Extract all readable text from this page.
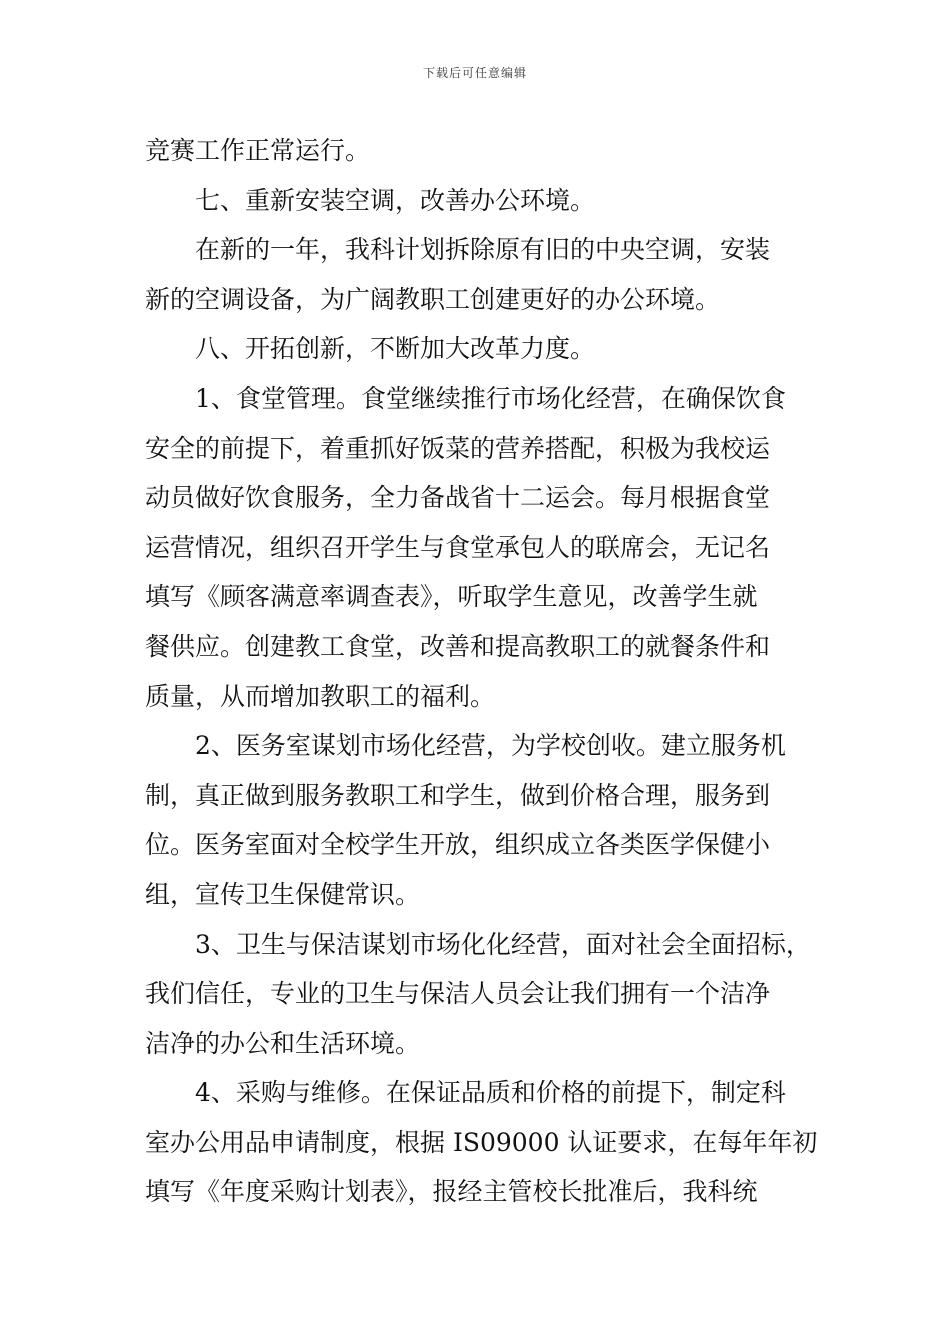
下载后可任意编辑
竞赛工作正常运行。
七、重新安装空调，改善办公环境。
在新的一年，我科计划拆除原有旧的中央空调，安装
新的空调设备，为广阔教职工创建更好的办公环境。
八、开拓创新，不断加大改革力度。
1、食堂管理。食堂继续推行市场化经营，在确保饮食
安全的前提下，着重抓好饭菜的营养搭配，积极为我校运
动员做好饮食服务，全力备战省十二运会。每月根据食堂
运营情况，组织召开学生与食堂承包人的联席会，无记名
填写《顾客满意率调查表》，听取学生意见，改善学生就
餐供应。创建教工食堂，改善和提高教职工的就餐条件和
质量，从而增加教职工的福利。
2、医务室谋划市场化经营，为学校创收。建立服务机
制，真正做到服务教职工和学生，做到价格合理，服务到
位。医务室面对全校学生开放，组织成立各类医学保健小
组，宣传卫生保健常识。
3、卫生与保洁谋划市场化化经营，面对社会全面招标，
我们信任，专业的卫生与保洁人员会让我们拥有一个洁净
洁净的办公和生活环境。
4、采购与维修。在保证品质和价格的前提下，制定科
室办公用品申请制度，根据 IS09000 认证要求，在每年年初
填写《年度采购计划表》，报经主管校长批准后，我科统
